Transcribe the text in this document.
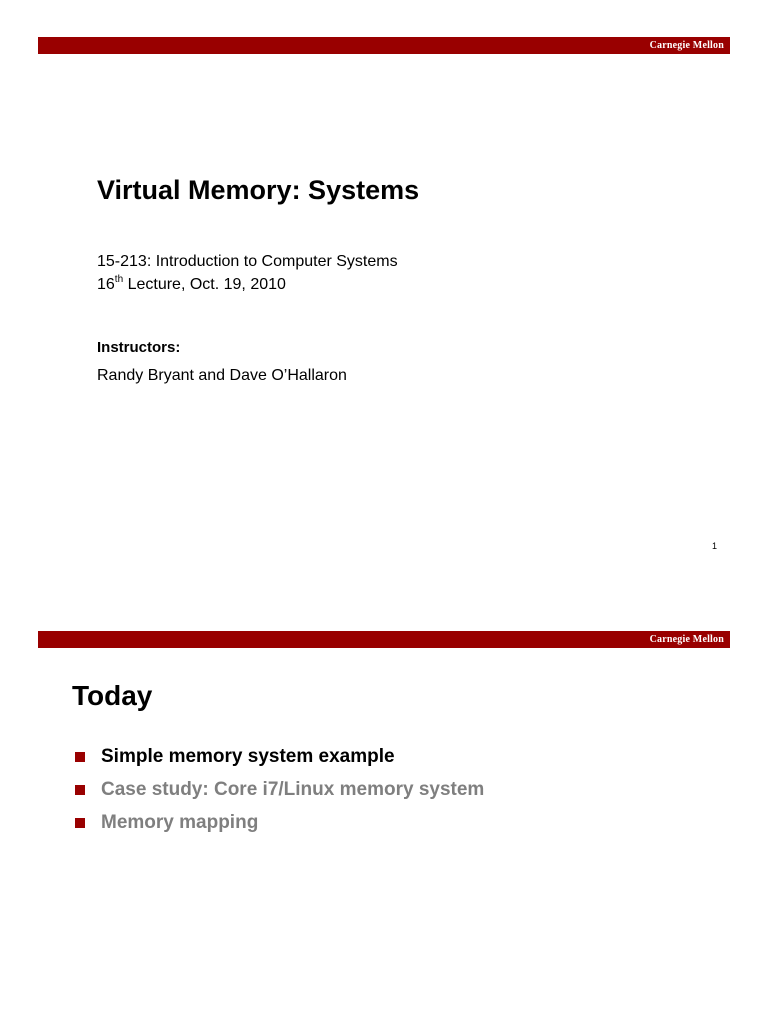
Carnegie Mellon
Virtual Memory: Systems
15-213: Introduction to Computer Systems
16th Lecture, Oct. 19, 2010
Instructors:
Randy Bryant and Dave O’Hallaron
1
Carnegie Mellon
Today
Simple memory system example
Case study: Core i7/Linux memory system
Memory mapping
